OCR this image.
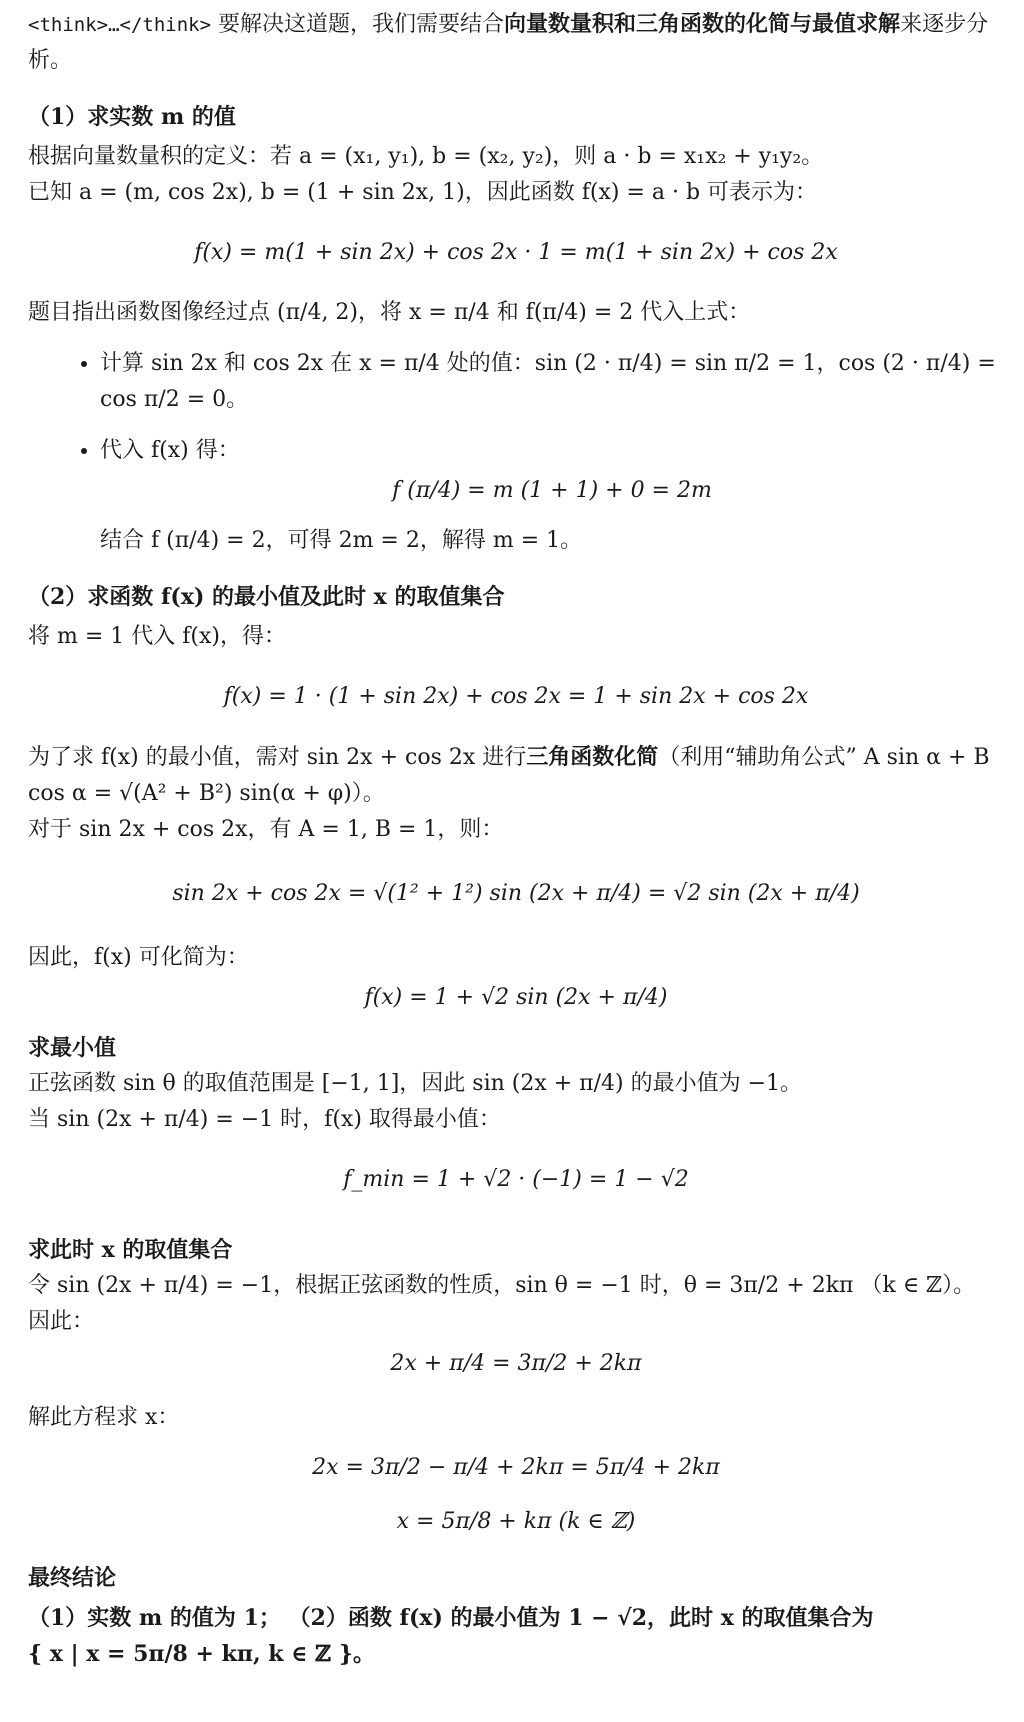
<think>…</think> 要解决这道题，我们需要结合向量数量积和三角函数的化简与最值求解来逐步分析。

（1）求实数 m 的值

根据向量数量积的定义：若 a = (x₁, y₁), b = (x₂, y₂)，则 a · b = x₁x₂ + y₁y₂。

已知 a = (m, cos 2x), b = (1 + sin 2x, 1)，因此函数 f(x) = a · b 可表示为：

f(x) = m(1 + sin 2x) + cos 2x · 1 = m(1 + sin 2x) + cos 2x

题目指出函数图像经过点 (π/4, 2)，将 x = π/4 和 f(π/4) = 2 代入上式：

• 计算 sin 2x 和 cos 2x 在 x = π/4 处的值：sin (2 · π/4) = sin π/2 = 1，cos (2 · π/4) = cos π/2 = 0。
• 代入 f(x) 得：

f (π/4) = m (1 + 1) + 0 = 2m

结合 f (π/4) = 2，可得 2m = 2，解得 m = 1。

（2）求函数 f(x) 的最小值及此时 x 的取值集合

将 m = 1 代入 f(x)，得：

f(x) = 1 · (1 + sin 2x) + cos 2x = 1 + sin 2x + cos 2x

为了求 f(x) 的最小值，需对 sin 2x + cos 2x 进行三角函数化简（利用“辅助角公式” A sin α + B cos α = √(A² + B²) sin(α + φ)）。

对于 sin 2x + cos 2x，有 A = 1, B = 1，则：

sin 2x + cos 2x = √(1² + 1²) sin (2x + π/4) = √2 sin (2x + π/4)

因此，f(x) 可化简为：

f(x) = 1 + √2 sin (2x + π/4)

求最小值

正弦函数 sin θ 的取值范围是 [−1, 1]，因此 sin (2x + π/4) 的最小值为 −1。

当 sin (2x + π/4) = −1 时，f(x) 取得最小值：

f_min = 1 + √2 · (−1) = 1 − √2

求此时 x 的取值集合

令 sin (2x + π/4) = −1，根据正弦函数的性质，sin θ = −1 时，θ = 3π/2 + 2kπ （k ∈ ℤ）。

因此：

2x + π/4 = 3π/2 + 2kπ

解此方程求 x：

2x = 3π/2 − π/4 + 2kπ = 5π/4 + 2kπ

x = 5π/8 + kπ (k ∈ ℤ)

最终结论

（1）实数 m 的值为 1； （2）函数 f(x) 的最小值为 1 − √2，此时 x 的取值集合为

{ x | x = 5π/8 + kπ, k ∈ ℤ }。
